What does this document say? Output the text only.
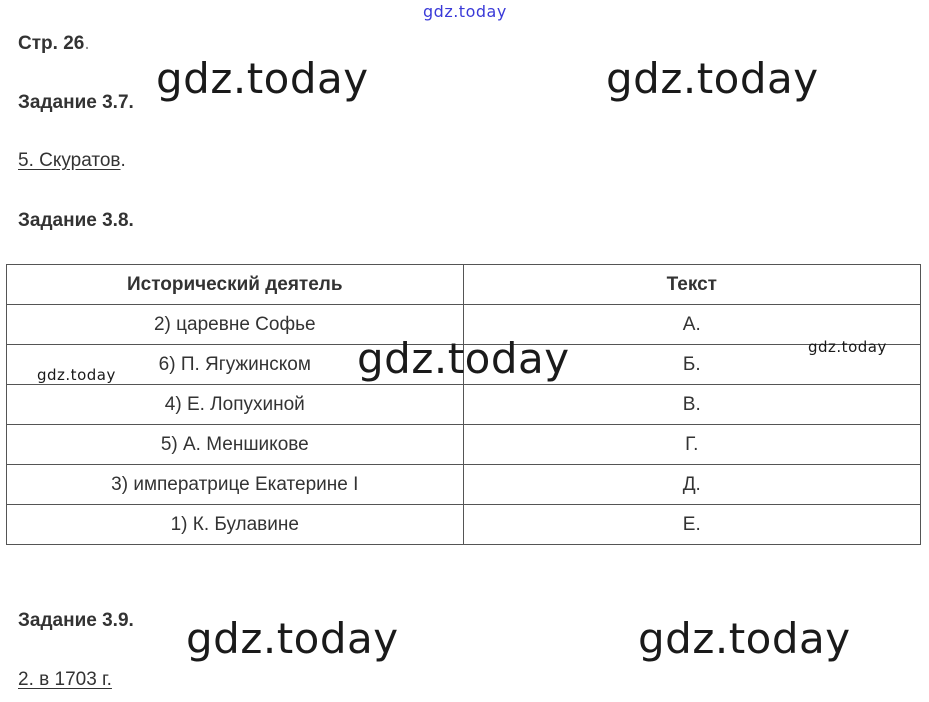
gdz.today
Стр. 26.
gdz.today	gdz.today
Задание 3.7.
5. Скуратов.
Задание 3.8.
Исторический деятель	Текст
2) царевне Софье	А.
6) П. Ягужинском	Б.
4) Е. Лопухиной	В.
5) А. Меншикове	Г.
3) императрице Екатерине I	Д.
1) К. Булавине	Е.
gdz.today
gdz.today
gdz.today
Задание 3.9. gdz.today	gdz.today
2. в 1703 г.
